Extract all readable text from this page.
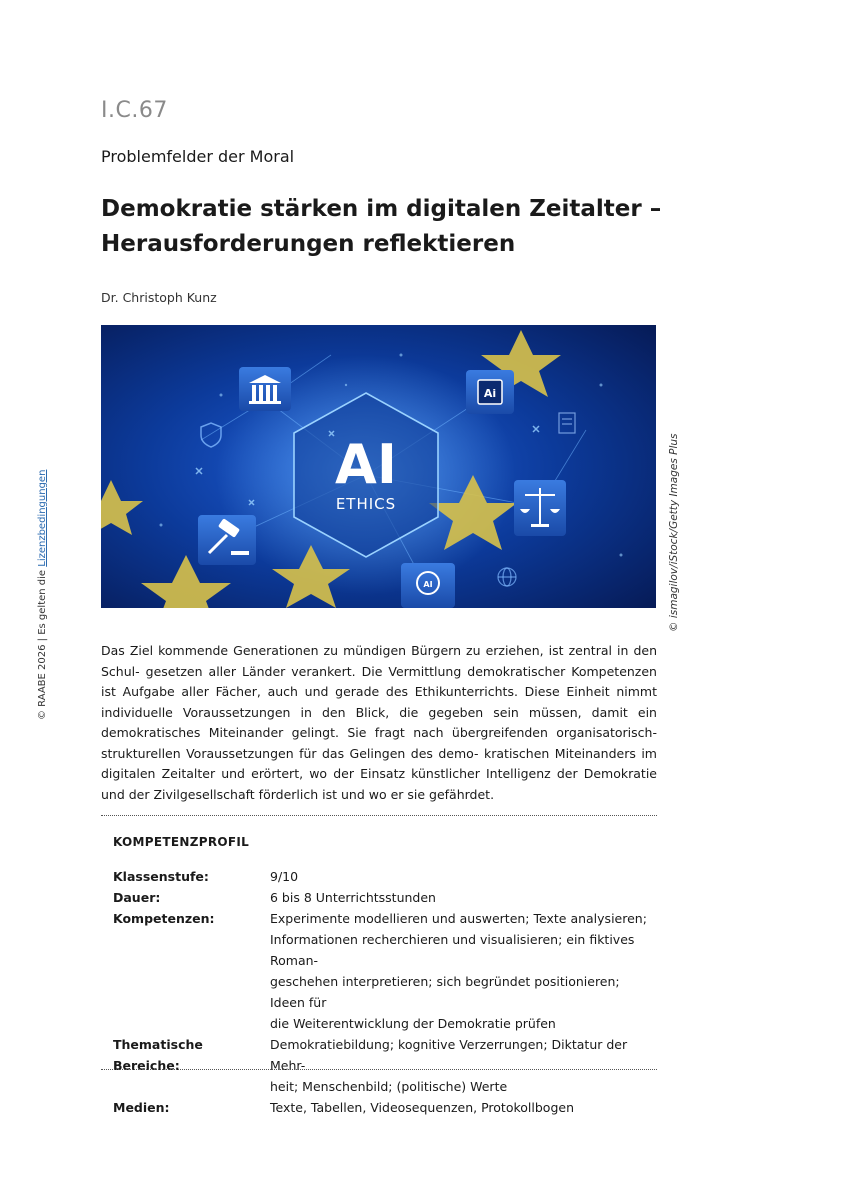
I.C.67
Problemfelder der Moral
Demokratie stärken im digitalen Zeitalter –
Herausforderungen reflektieren
Dr. Christoph Kunz
AI
ETHICS
Ai
AI	© ismagilov/iStock/Getty Images Plus
© RAABE 2026 | Es gelten die Lizenzbedingungen

Das Ziel kommende Generationen zu mündigen Bürgern zu erziehen, ist zentral in den Schul- gesetzen aller Länder verankert. Die Vermittlung demokratischer Kompetenzen ist Aufgabe aller Fächer, auch und gerade des Ethikunterrichts. Diese Einheit nimmt individuelle Voraussetzungen in den Blick, die gegeben sein müssen, damit ein demokratisches Miteinander gelingt. Sie fragt nach übergreifenden organisatorisch-strukturellen Voraussetzungen für das Gelingen des demo- kratischen Miteinanders im digitalen Zeitalter und erörtert, wo der Einsatz künstlicher Intelligenz der Demokratie und der Zivilgesellschaft förderlich ist und wo er sie gefährdet.

KOMPETENZPROFIL
Klassenstufe:	9/10
Dauer:	6 bis 8 Unterrichtsstunden
Kompetenzen:	Experimente modellieren und auswerten; Texte analysieren;
Informationen recherchieren und visualisieren; ein fiktives Roman-
geschehen interpretieren; sich begründet positionieren; Ideen für
die Weiterentwicklung der Demokratie prüfen
Thematische Bereiche:
Demokratiebildung; kognitive Verzerrungen; Diktatur der Mehr-
heit; Menschenbild; (politische) Werte
Medien:	Texte, Tabellen, Videosequenzen, Protokollbogen
